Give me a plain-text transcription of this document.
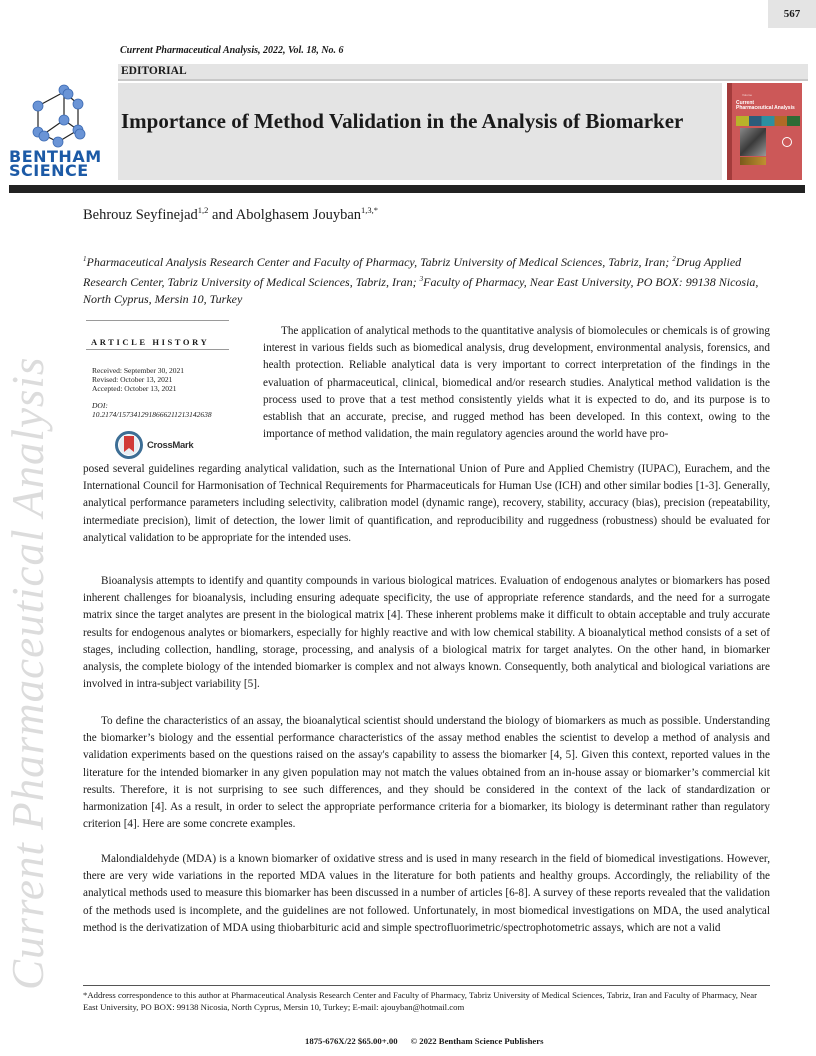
567
Current Pharmaceutical Analysis, 2022, Vol. 18, No. 6
EDITORIAL
BENTHAM
SCIENCE
Importance of Method Validation in the Analysis of Biomarker
Volume
Current
Pharmaceutical Analysis
Behrouz Seyfinejad$^{1,2}$ and Abolghasem Jouyban$^{1,3,*}$
$^1$Pharmaceutical Analysis Research Center and Faculty of Pharmacy, Tabriz University of Medical Sciences, Tabriz, Iran; $^2$Drug Applied Research Center, Tabriz University of Medical Sciences, Tabriz, Iran; $^3$Faculty of Pharmacy, Near East University, PO BOX: 99138 Nicosia, North Cyprus, Mersin 10, Turkey
Current Pharmaceutical Analysis
ARTICLE HISTORY
Received: September 30, 2021
Revised: October 13, 2021
Accepted: October 13, 2021
DOI:
10.2174/1573412918666211213142638
CrossMark
The application of analytical methods to the quantitative analysis of biomolecules or chemicals is of growing interest in various fields such as biomedical analysis, drug development, environmental analysis, forensics, and health protection. Reliable analytical data is very important to correct interpretation of the findings in the evaluation of pharmaceutical, clinical, biomedical and/or research studies. Analytical method validation is the process used to prove that a test method consistently yields what it is expected to do, and its purpose is to establish that an accurate, precise, and rugged method has been developed. In this context, owing to the importance of method validation, the main regulatory agencies around the world have pro-
posed several guidelines regarding analytical validation, such as the International Union of Pure and Applied Chemistry (IUPAC), Eurachem, and the International Council for Harmonisation of Technical Requirements for Pharmaceuticals for Human Use (ICH) and other similar bodies [1-3]. Generally, analytical performance parameters including selectivity, calibration model (dynamic range), recovery, stability, accuracy (bias), precision (repeatability, intermediate precision), limit of detection, the lower limit of quantification, and reproducibility and ruggedness (robustness) should be evaluated for analytical validation to be appropriate for the intended uses.
Bioanalysis attempts to identify and quantity compounds in various biological matrices. Evaluation of endogenous analytes or biomarkers has posed inherent challenges for bioanalysis, including ensuring adequate specificity, the use of appropriate reference standards, and the need for a surrogate matrix since the target analytes are present in the biological matrix [4]. These inherent problems make it difficult to obtain acceptable and truly accurate results for endogenous analytes or biomarkers, especially for highly reactive and with low chemical stability. A bioanalytical method consists of a set of stages, including collection, handling, storage, processing, and analysis of a biological matrix for target analytes. On the other hand, in biomarker analysis, the complete biology of the intended biomarker is complex and not always known. Consequently, both analytical and biological variations are involved in intra-subject variability [5].
To define the characteristics of an assay, the bioanalytical scientist should understand the biology of biomarkers as much as possible. Understanding the biomarker’s biology and the essential performance characteristics of the assay method enables the scientist to develop a method of analysis and validation experiments based on the questions raised on the assay's capability to assess the biomarker [4, 5]. Given this context, reported values in the literature for the intended biomarker in any given population may not match the values obtained from an in-house assay or biomarker’s commercial kit results. Therefore, it is not surprising to see such differences, and they should be considered in the context of the lack of standardization or harmonization [4]. As a result, in order to select the appropriate performance criteria for a biomarker, its biology is determinant rather than regulatory criterion [4]. Here are some concrete examples.
Malondialdehyde (MDA) is a known biomarker of oxidative stress and is used in many research in the field of biomedical investigations. However, there are very wide variations in the reported MDA values in the literature for both patients and healthy groups. Accordingly, the reliability of the analytical methods used to measure this biomarker has been discussed in a number of articles [6-8]. A survey of these reports revealed that the validation of the methods used is incomplete, and the guidelines are not followed. Unfortunately, in most biomedical investigations on MDA, the used analytical method is the derivatization of MDA using thiobarbituric acid and simple spectrofluorimetric/spectrophotometric assays, which are not a valid
*Address correspondence to this author at Pharmaceutical Analysis Research Center and Faculty of Pharmacy, Tabriz University of Medical Sciences, Tabriz, Iran and Faculty of Pharmacy, Near East University, PO BOX: 99138 Nicosia, North Cyprus, Mersin 10, Turkey; E-mail: ajouyban@hotmail.com
1875-676X/22 $65.00+.00 © 2022 Bentham Science Publishers
